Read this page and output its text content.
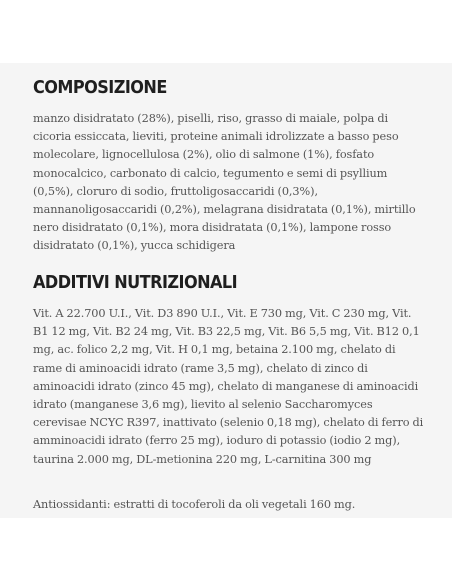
COMPOSIZIONE

manzo disidratato (28%), piselli, riso, grasso di maiale, polpa di cicoria essiccata, lieviti, proteine animali idrolizzate a basso peso molecolare, lignocellulosa (2%), olio di salmone (1%), fosfato monocalcico, carbonato di calcio, tegumento e semi di psyllium (0,5%), cloruro di sodio, fruttoligosaccaridi (0,3%), mannanoligosaccaridi (0,2%), melagrana disidratata (0,1%), mirtillo nero disidratato (0,1%), mora disidratata (0,1%), lampone rosso disidratato (0,1%), yucca schidigera

ADDITIVI NUTRIZIONALI

Vit. A 22.700 U.I., Vit. D3 890 U.I., Vit. E 730 mg, Vit. C 230 mg, Vit. B1 12 mg, Vit. B2 24 mg, Vit. B3 22,5 mg, Vit. B6 5,5 mg, Vit. B12 0,1 mg, ac. folico 2,2 mg, Vit. H 0,1 mg, betaina 2.100 mg, chelato di rame di aminoacidi idrato (rame 3,5 mg), chelato di zinco di aminoacidi idrato (zinco 45 mg), chelato di manganese di aminoacidi idrato (manganese 3,6 mg), lievito al selenio Saccharomyces cerevisae NCYC R397, inattivato (selenio 0,18 mg), chelato di ferro di amminoacidi idrato (ferro 25 mg), ioduro di potassio (iodio 2 mg), taurina 2.000 mg, DL-metionina 220 mg, L-carnitina 300 mg

Antiossidanti: estratti di tocoferoli da oli vegetali 160 mg.
